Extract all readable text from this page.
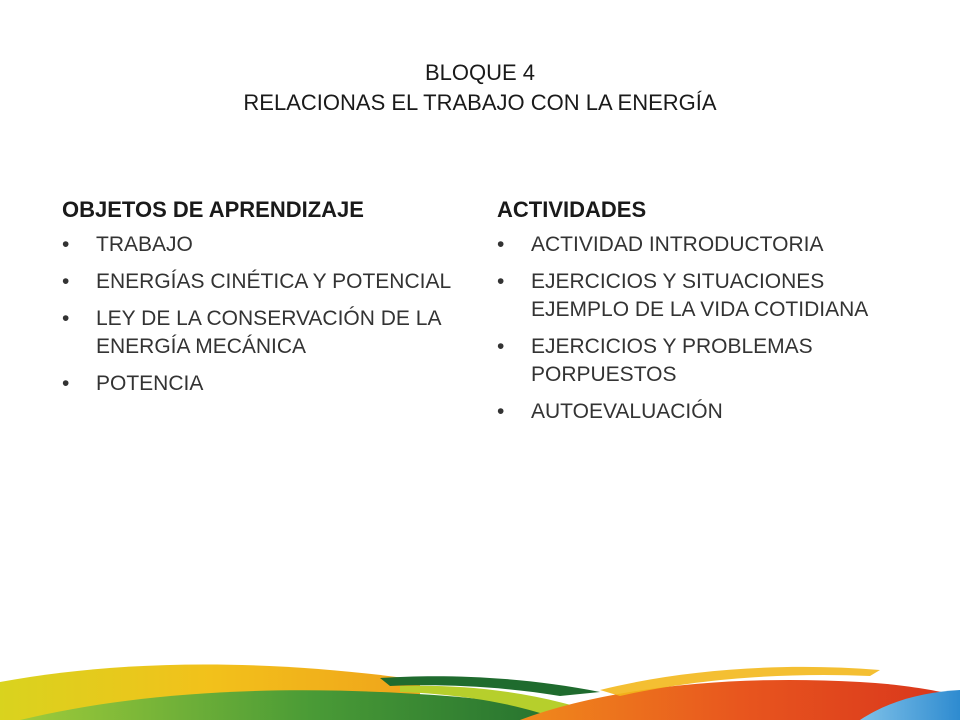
BLOQUE 4
RELACIONAS EL TRABAJO CON LA ENERGÍA
OBJETOS DE APRENDIZAJE
•	TRABAJO
•	ENERGÍAS CINÉTICA Y POTENCIAL
•	LEY DE LA CONSERVACIÓN DE LA ENERGÍA MECÁNICA
•	POTENCIA
ACTIVIDADES
•	ACTIVIDAD INTRODUCTORIA
•	EJERCICIOS Y SITUACIONES EJEMPLO DE LA VIDA COTIDIANA
•	EJERCICIOS Y PROBLEMAS PORPUESTOS
•	AUTOEVALUACIÓN
